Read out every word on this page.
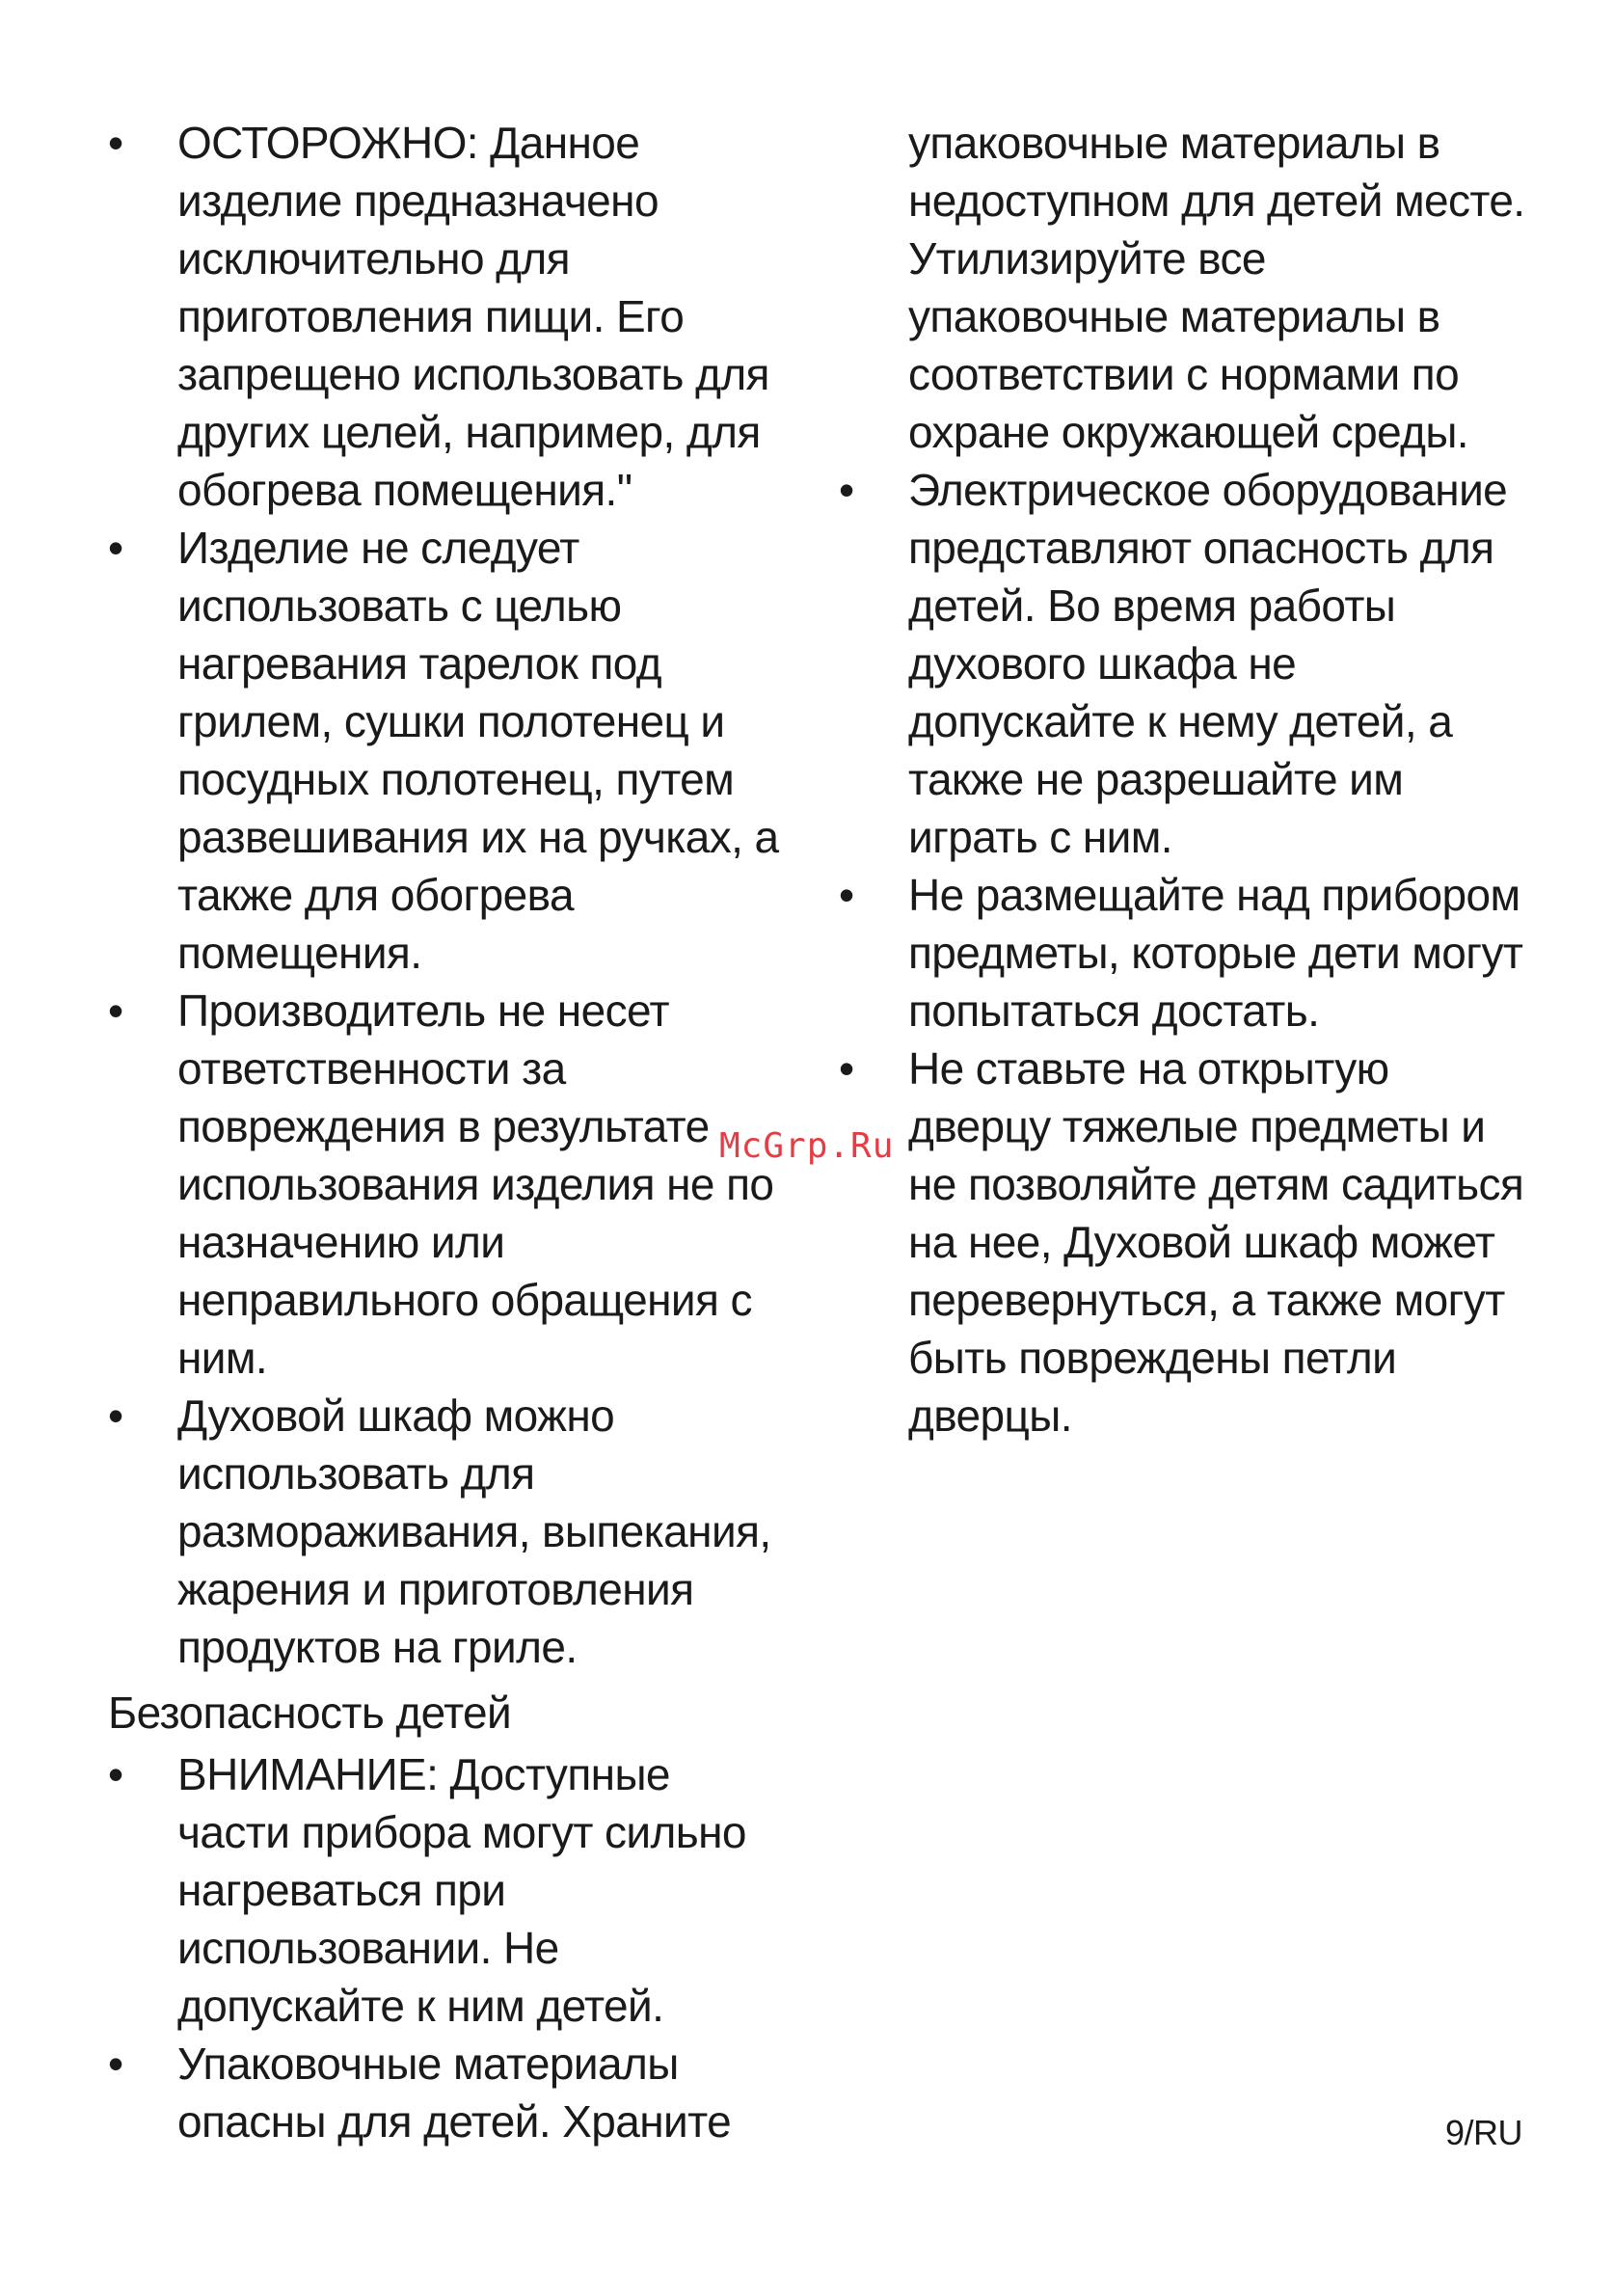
• ОСТОРОЖНО: Данное изделие предназначено исключительно для приготовления пищи. Его запрещено использовать для других целей, например, для обогрева помещения."
• Изделие не следует использовать с целью нагревания тарелок под грилем, сушки полотенец и посудных полотенец, путем развешивания их на ручках, а также для обогрева помещения.
• Производитель не несет ответственности за повреждения в результате использования изделия не по назначению или неправильного обращения с ним.
• Духовой шкаф можно использовать для размораживания, выпекания, жарения и приготовления продуктов на гриле.
Безопасность детей
• ВНИМАНИЕ: Доступные части прибора могут сильно нагреваться при использовании. Не допускайте к ним детей.
• Упаковочные материалы опасны для детей. Храните
упаковочные материалы в недоступном для детей месте. Утилизируйте все упаковочные материалы в соответствии с нормами по охране окружающей среды.
• Электрическое оборудование представляют опасность для детей. Во время работы духового шкафа не допускайте к нему детей, а также не разрешайте им играть с ним.
• Не размещайте над прибором предметы, которые дети могут попытаться достать.
• Не ставьте на открытую дверцу тяжелые предметы и не позволяйте детям садиться на нее, Духовой шкаф может перевернуться, а также могут быть повреждены петли дверцы.
McGrp.Ru
9/RU
